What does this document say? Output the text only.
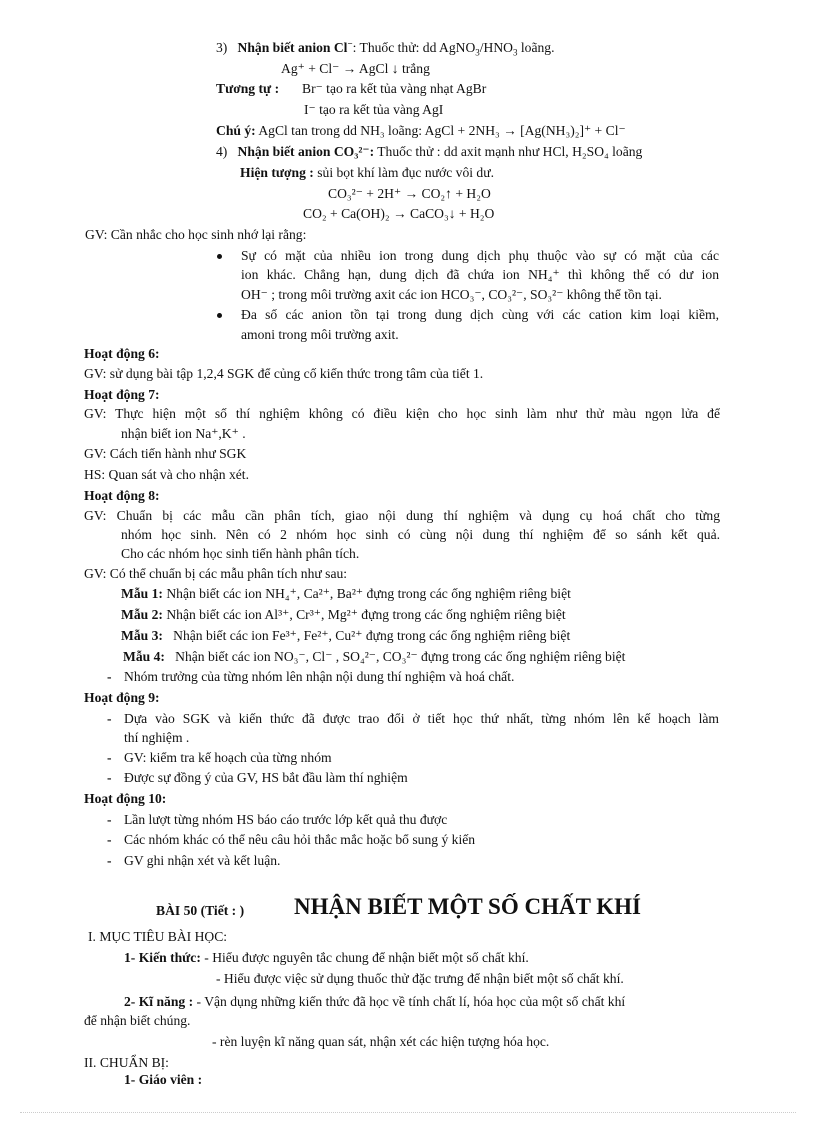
3) Nhận biết anion Cl−: Thuốc thử: dd $AgNO_3/HNO_3$ loãng.
Ag⁺ + Cl⁻ → AgCl ↓ trắng
Tương tự : Br⁻ tạo ra kết tủa vàng nhạt AgBr
I⁻ tạo ra kết tủa vàng AgI
Chú ý: AgCl tan trong dd NH₃ loãng: AgCl + 2NH₃ → [Ag(NH₃)₂]⁺ + Cl⁻
4) Nhận biết anion CO₃²⁻: Thuốc thử : dd axit mạnh như HCl, H₂SO₄ loãng
Hiện tượng : sủi bọt khí làm đục nước vôi dư.
CO₃²⁻ + 2H⁺ → CO₂↑ + H₂O
CO₂ + Ca(OH)₂ → CaCO₃↓ + H₂O
GV: Cần nhắc cho học sinh nhớ lại rằng:
Sự có mặt của nhiều ion trong dung dịch phụ thuộc vào sự có mặt của các
ion khác. Chẳng hạn, dung dịch đã chứa ion NH₄⁺ thì không thể có dư ion
OH⁻ ; trong môi trường axit các ion HCO₃⁻, CO₃²⁻, SO₃²⁻ không thể tồn tại.
Đa số các anion tồn tại trong dung dịch cùng với các cation kim loại kiềm,
amoni trong môi trường axit.
Hoạt động 6:
GV: sử dụng bài tập 1,2,4 SGK để củng cố kiến thức trong tâm của tiết 1.
Hoạt động 7:
GV: Thực hiện một số thí nghiệm không có điều kiện cho học sinh làm như thử màu ngọn lửa để
nhận biết ion Na⁺,K⁺ .
GV: Cách tiến hành như SGK
HS: Quan sát và cho nhận xét.
Hoạt động 8:
GV: Chuẩn bị các mẫu cần phân tích, giao nội dung thí nghiệm và dụng cụ hoá chất cho từng
nhóm học sinh. Nên có 2 nhóm học sinh có cùng nội dung thí nghiệm để so sánh kết quả.
Cho các nhóm học sinh tiến hành phân tích.
GV: Có thể chuẩn bị các mẫu phân tích như sau:
Mẫu 1: Nhận biết các ion NH₄⁺, Ca²⁺, Ba²⁺ đựng trong các ống nghiệm riêng biệt
Mẫu 2: Nhận biết các ion Al³⁺, Cr³⁺, Mg²⁺ đựng trong các ống nghiệm riêng biệt
Mẫu 3: Nhận biết các ion Fe³⁺, Fe²⁺, Cu²⁺ đựng trong các ống nghiệm riêng biệt
Mẫu 4: Nhận biết các ion NO₃⁻, Cl⁻ , SO₄²⁻, CO₃²⁻ đựng trong các ống nghiệm riêng biệt
- Nhóm trưởng của từng nhóm lên nhận nội dung thí nghiệm và hoá chất.
Hoạt động 9:
- Dựa vào SGK và kiến thức đã được trao đổi ở tiết học thứ nhất, từng nhóm lên kế hoạch làm
thí nghiệm .
- GV: kiểm tra kế hoạch của từng nhóm
- Được sự đồng ý của GV, HS bắt đầu làm thí nghiệm
Hoạt động 10:
- Lần lượt từng nhóm HS báo cáo trước lớp kết quả thu được
- Các nhóm khác có thể nêu câu hỏi thắc mắc hoặc bổ sung ý kiến
- GV ghi nhận xét và kết luận.
BÀI 50 (Tiết : ) NHẬN BIẾT MỘT SỐ CHẤT KHÍ
I. MỤC TIÊU BÀI HỌC:
1- Kiến thức: - Hiểu được nguyên tắc chung để nhận biết một số chất khí.
- Hiểu được việc sử dụng thuốc thử đặc trưng để nhận biết một số chất khí.
2- Kĩ năng : - Vận dụng những kiến thức đã học về tính chất lí, hóa học của một số chất khí
để nhận biết chúng.
- rèn luyện kĩ năng quan sát, nhận xét các hiện tượng hóa học.
II. CHUẨN BỊ:
1- Giáo viên :
